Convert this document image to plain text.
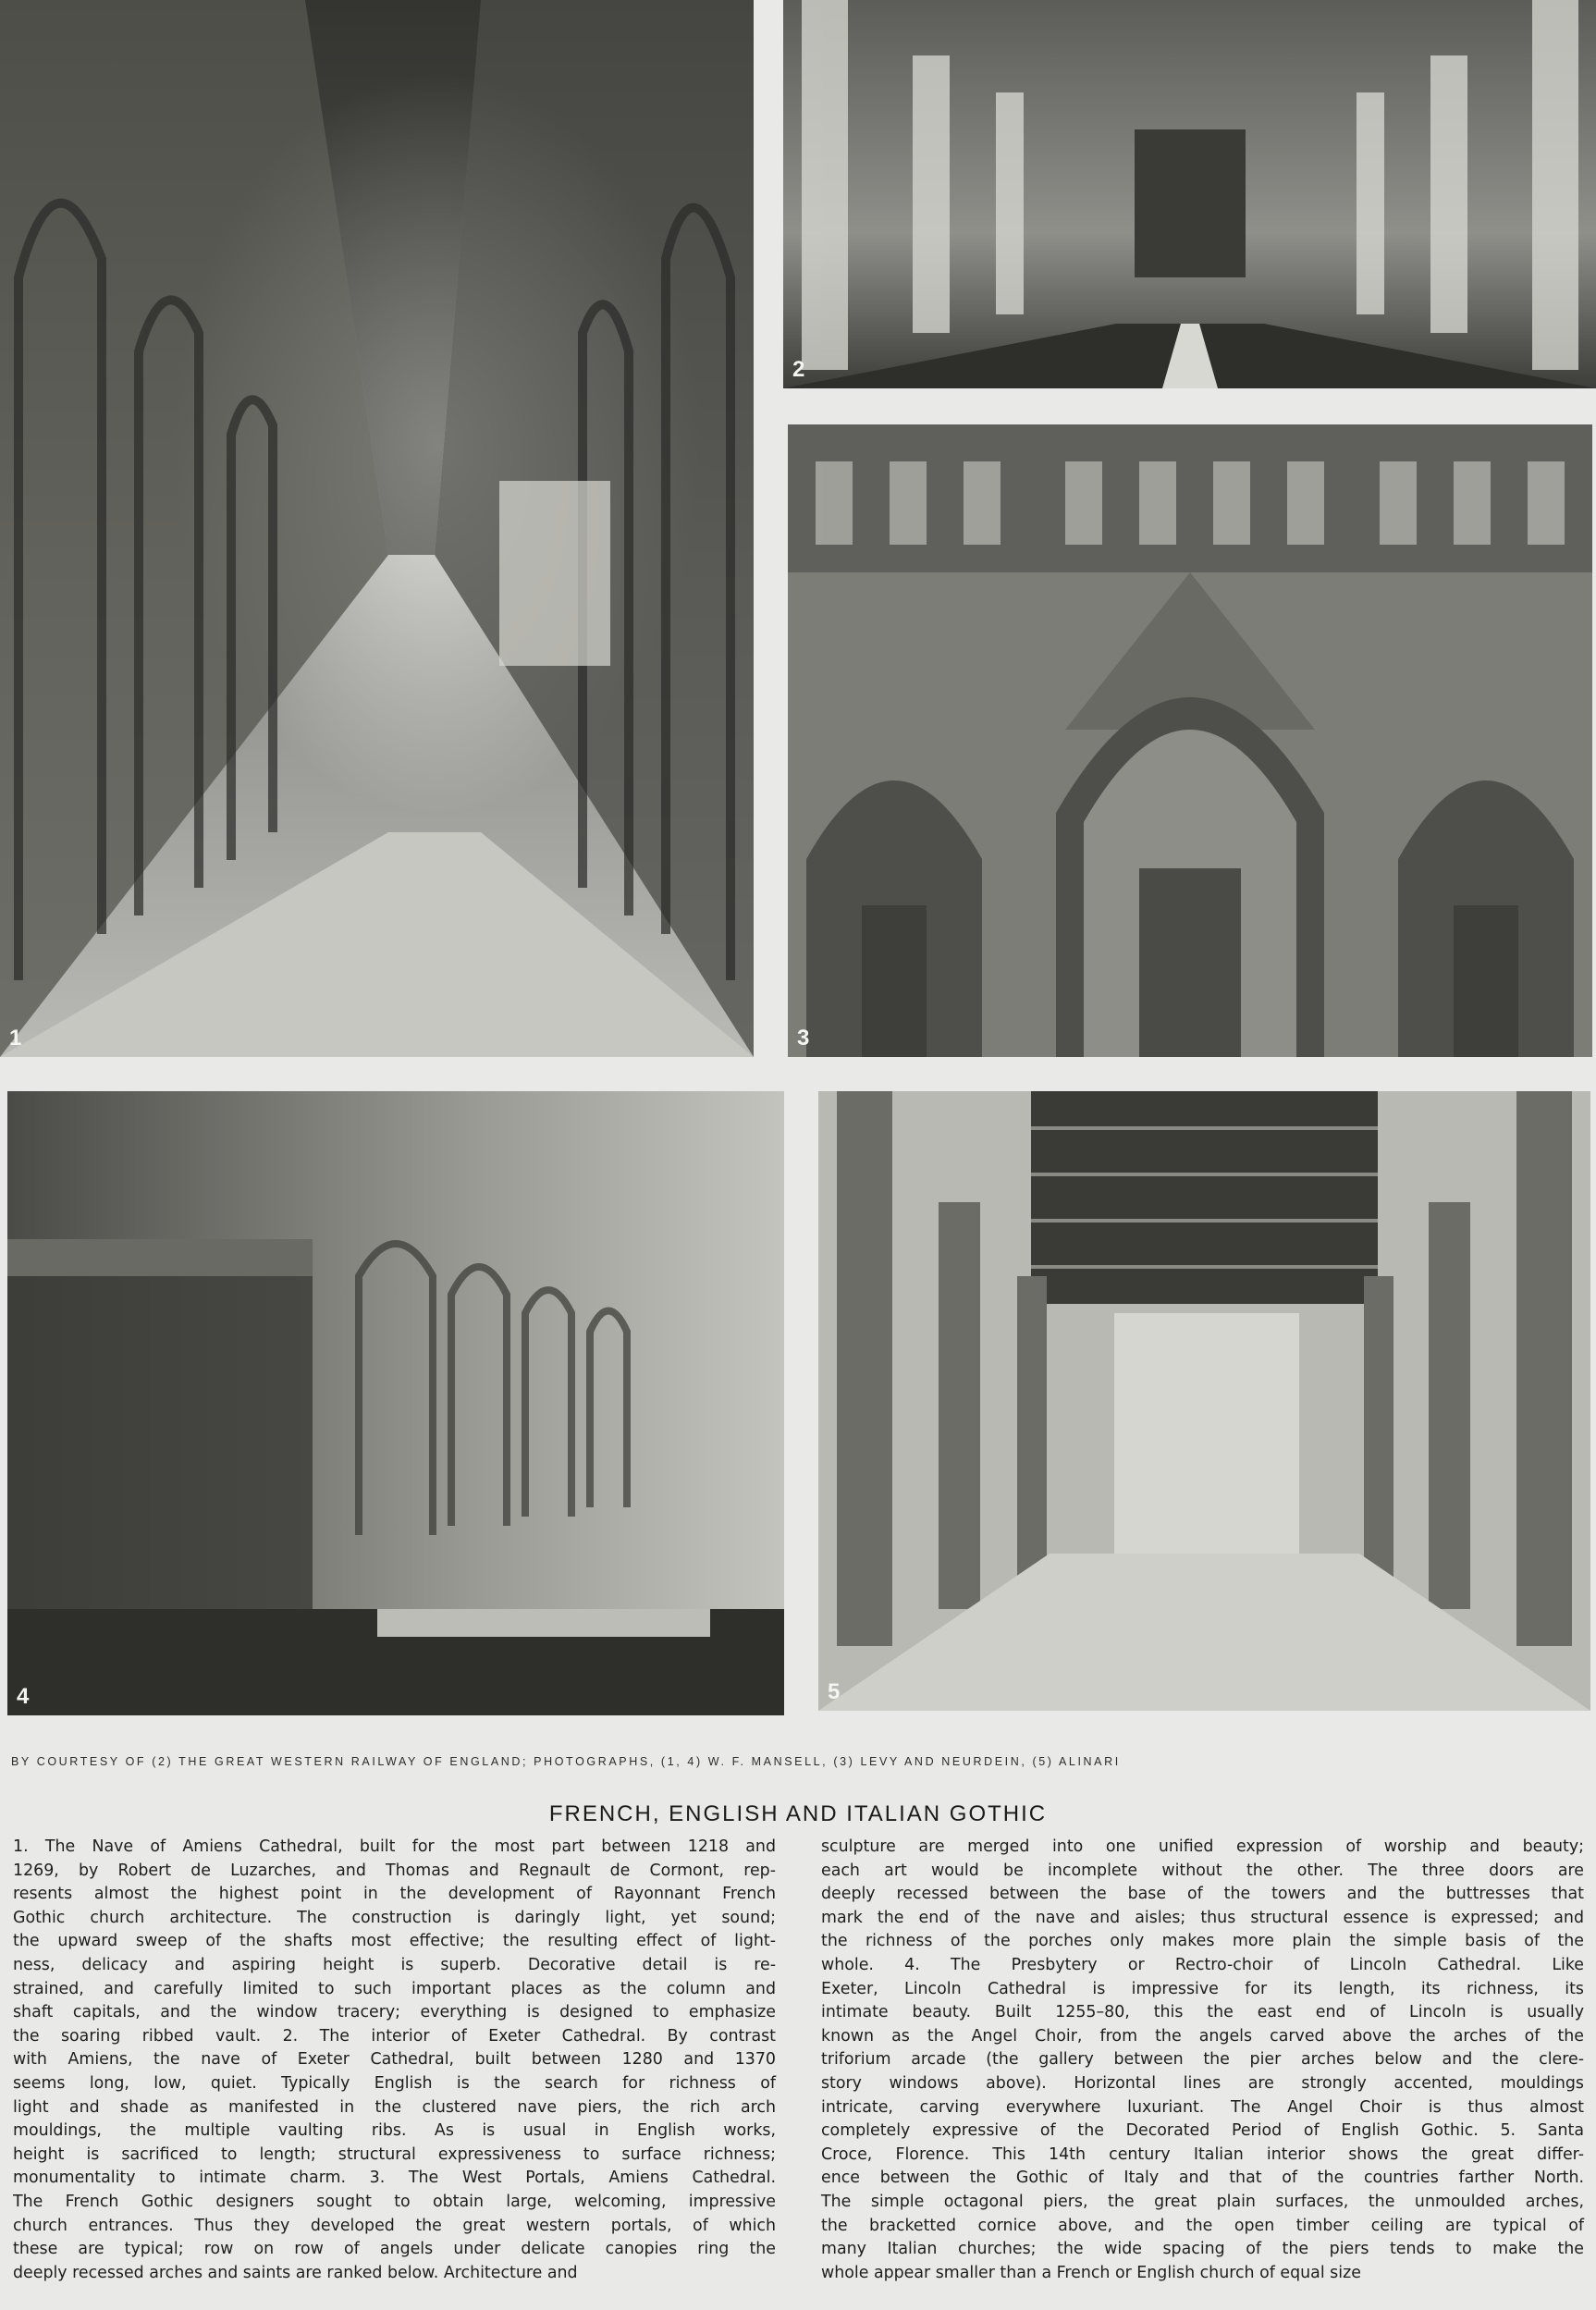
1
2
3
4	5
BY COURTESY OF (2) THE GREAT WESTERN RAILWAY OF ENGLAND; PHOTOGRAPHS, (1, 4) W. F. MANSELL, (3) LEVY AND NEURDEIN, (5) ALINARI
FRENCH, ENGLISH AND ITALIAN GOTHIC
1. The Nave of Amiens Cathedral, built for the most part between 1218 and
1269, by Robert de Luzarches, and Thomas and Regnault de Cormont, rep-
resents almost the highest point in the development of Rayonnant French
Gothic church architecture. The construction is daringly light, yet sound;
the upward sweep of the shafts most effective; the resulting effect of light-
ness, delicacy and aspiring height is superb. Decorative detail is re-
strained, and carefully limited to such important places as the column and
shaft capitals, and the window tracery; everything is designed to emphasize
the soaring ribbed vault. 2. The interior of Exeter Cathedral. By contrast
with Amiens, the nave of Exeter Cathedral, built between 1280 and 1370
seems long, low, quiet. Typically English is the search for richness of
light and shade as manifested in the clustered nave piers, the rich arch
mouldings, the multiple vaulting ribs. As is usual in English works,
height is sacrificed to length; structural expressiveness to surface richness;
monumentality to intimate charm. 3. The West Portals, Amiens Cathedral.
The French Gothic designers sought to obtain large, welcoming, impressive
church entrances. Thus they developed the great western portals, of which
these are typical; row on row of angels under delicate canopies ring the
deeply recessed arches and saints are ranked below. Architecture and
sculpture are merged into one unified expression of worship and beauty;
each art would be incomplete without the other. The three doors are
deeply recessed between the base of the towers and the buttresses that
mark the end of the nave and aisles; thus structural essence is expressed; and
the richness of the porches only makes more plain the simple basis of the
whole. 4. The Presbytery or Rectro-choir of Lincoln Cathedral. Like
Exeter, Lincoln Cathedral is impressive for its length, its richness, its
intimate beauty. Built 1255–80, this the east end of Lincoln is usually
known as the Angel Choir, from the angels carved above the arches of the
triforium arcade (the gallery between the pier arches below and the clere-
story windows above). Horizontal lines are strongly accented, mouldings
intricate, carving everywhere luxuriant. The Angel Choir is thus almost
completely expressive of the Decorated Period of English Gothic. 5. Santa
Croce, Florence. This 14th century Italian interior shows the great differ-
ence between the Gothic of Italy and that of the countries farther North.
The simple octagonal piers, the great plain surfaces, the unmoulded arches,
the bracketted cornice above, and the open timber ceiling are typical of
many Italian churches; the wide spacing of the piers tends to make the
whole appear smaller than a French or English church of equal size
